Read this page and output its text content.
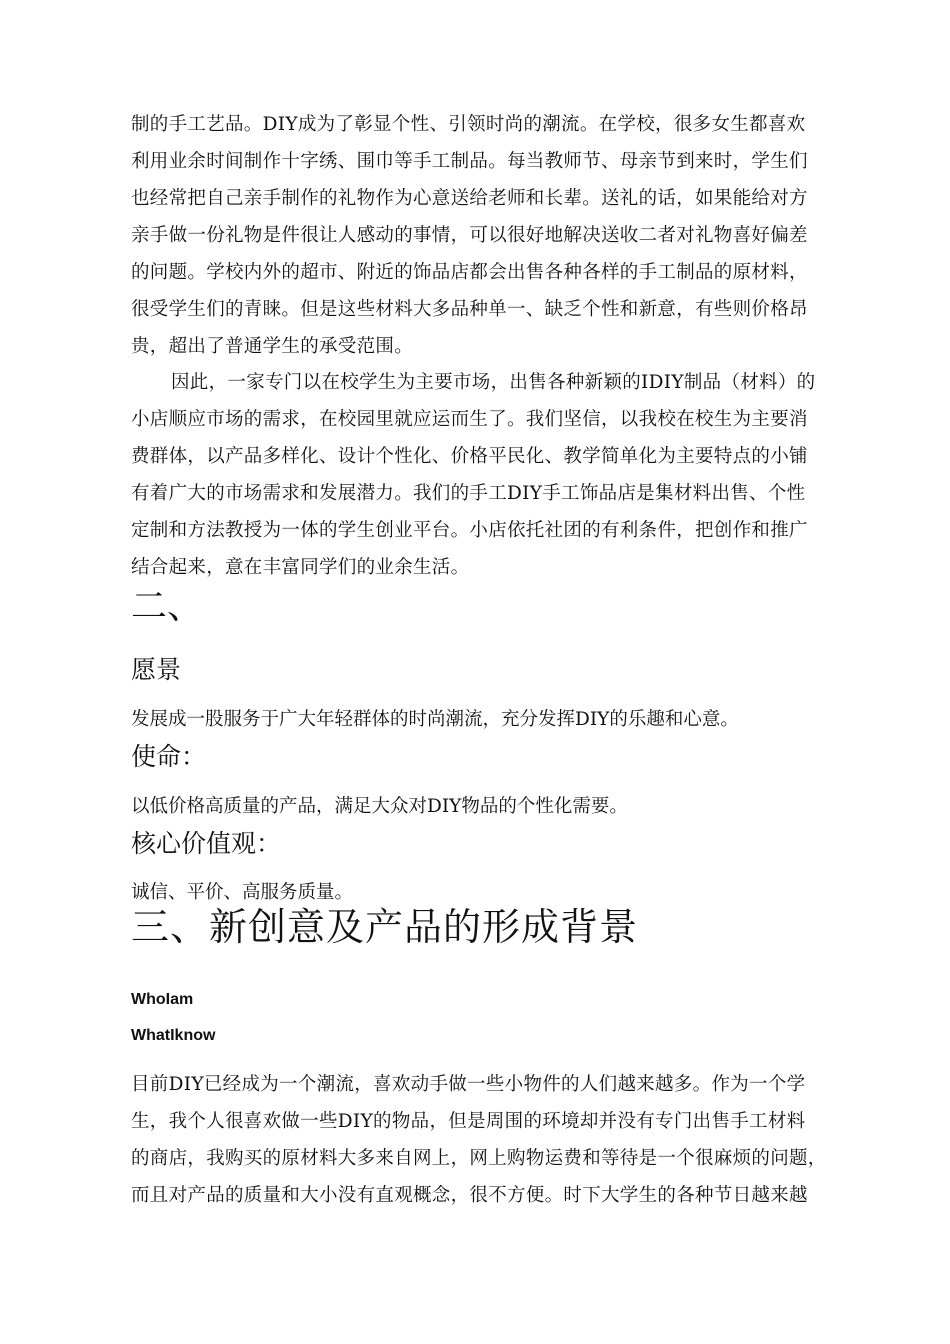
制的手工艺品。DIY成为了彰显个性、引领时尚的潮流。在学校，很多女生都喜欢
利用业余时间制作十字绣、围巾等手工制品。每当教师节、母亲节到来时，学生们
也经常把自己亲手制作的礼物作为心意送给老师和长辈。送礼的话，如果能给对方
亲手做一份礼物是件很让人感动的事情，可以很好地解决送收二者对礼物喜好偏差
的问题。学校内外的超市、附近的饰品店都会出售各种各样的手工制品的原材料，
很受学生们的青睐。但是这些材料大多品种单一、缺乏个性和新意，有些则价格昂
贵，超出了普通学生的承受范围。

因此，一家专门以在校学生为主要市场，出售各种新颖的IDIY制品（材料）的
小店顺应市场的需求，在校园里就应运而生了。我们坚信，以我校在校生为主要消
费群体，以产品多样化、设计个性化、价格平民化、教学简单化为主要特点的小铺
有着广大的市场需求和发展潜力。我们的手工DIY手工饰品店是集材料出售、个性
定制和方法教授为一体的学生创业平台。小店依托社团的有利条件，把创作和推广
结合起来，意在丰富同学们的业余生活。

二、
愿景

发展成一股服务于广大年轻群体的时尚潮流，充分发挥DIY的乐趣和心意。

使命：

以低价格高质量的产品，满足大众对DIY物品的个性化需要。

核心价值观：

诚信、平价、高服务质量。

三、新创意及产品的形成背景

WhoIam

WhatIknow

目前DIY已经成为一个潮流，喜欢动手做一些小物件的人们越来越多。作为一个学
生，我个人很喜欢做一些DIY的物品，但是周围的环境却并没有专门出售手工材料
的商店，我购买的原材料大多来自网上，网上购物运费和等待是一个很麻烦的问题，
而且对产品的质量和大小没有直观概念，很不方便。时下大学生的各种节日越来越
